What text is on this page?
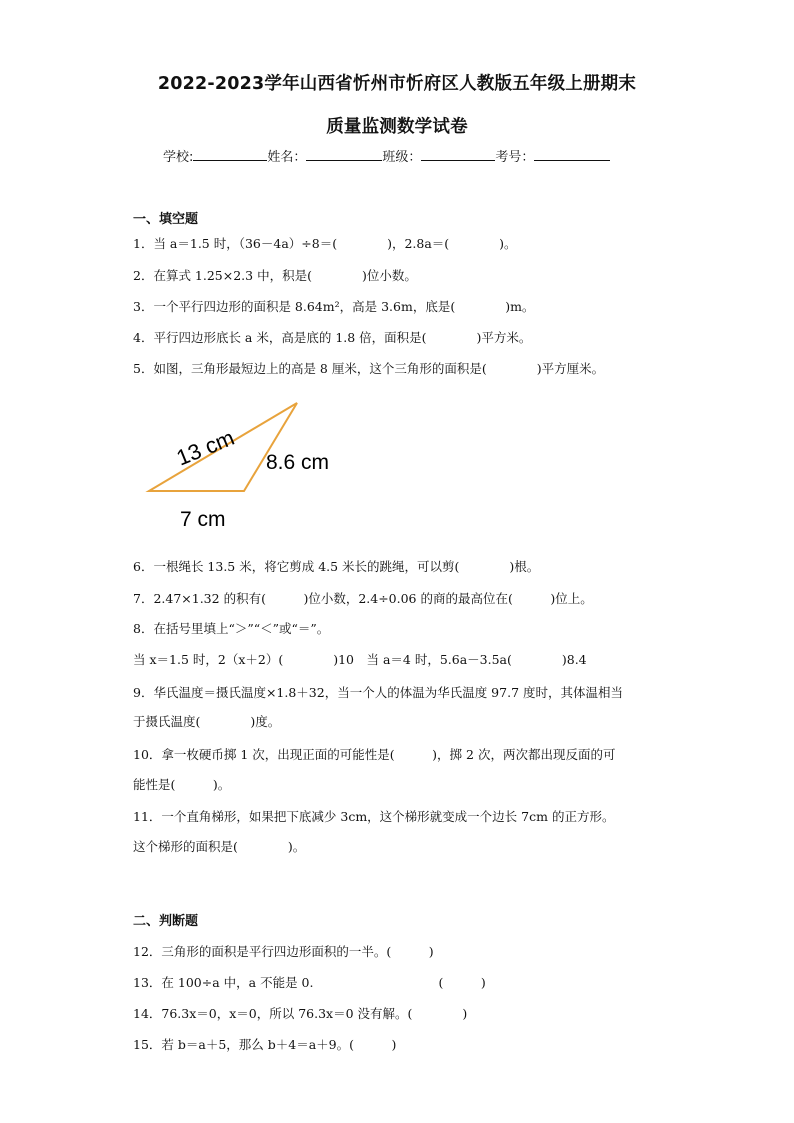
2022-2023学年山西省忻州市忻府区人教版五年级上册期末
质量监测数学试卷
学校:	姓名：	班级：	考号：
一、填空题
1．当 a＝1.5 时，（36－4a）÷8＝(　　　　)，2.8a＝(　　　　)。
2．在算式 1.25×2.3 中，积是(　　　　)位小数。
3．一个平行四边形的面积是 8.64m²，高是 3.6m，底是(　　　　)m。
4．平行四边形底长 a 米，高是底的 1.8 倍，面积是(　　　　)平方米。
5．如图，三角形最短边上的高是 8 厘米，这个三角形的面积是(　　　　)平方厘米。
13 cm 8.6 cm
7 cm
6．一根绳长 13.5 米，将它剪成 4.5 米长的跳绳，可以剪(　　　　)根。
7．2.47×1.32 的积有(　　　)位小数，2.4÷0.06 的商的最高位在(　　　)位上。
8．在括号里填上“＞”“＜”或“＝”。
当 x＝1.5 时，2（x＋2）(　　　　)10　当 a＝4 时，5.6a－3.5a(　　　　)8.4
9．华氏温度＝摄氏温度×1.8＋32，当一个人的体温为华氏温度 97.7 度时，其体温相当
于摄氏温度(　　　　)度。
10．拿一枚硬币掷 1 次，出现正面的可能性是(　　　)，掷 2 次，两次都出现反面的可
能性是(　　　)。
11．一个直角梯形，如果把下底减少 3cm，这个梯形就变成一个边长 7cm 的正方形。
这个梯形的面积是(　　　　)。
二、判断题
12．三角形的面积是平行四边形面积的一半。(　　　)
13．在 100÷a 中，a 不能是 0.　　　　　　　　　　(　　　)
14．76.3x＝0，x＝0，所以 76.3x＝0 没有解。(　　　　)
15．若 b＝a＋5，那么 b＋4＝a＋9。(　　　)
